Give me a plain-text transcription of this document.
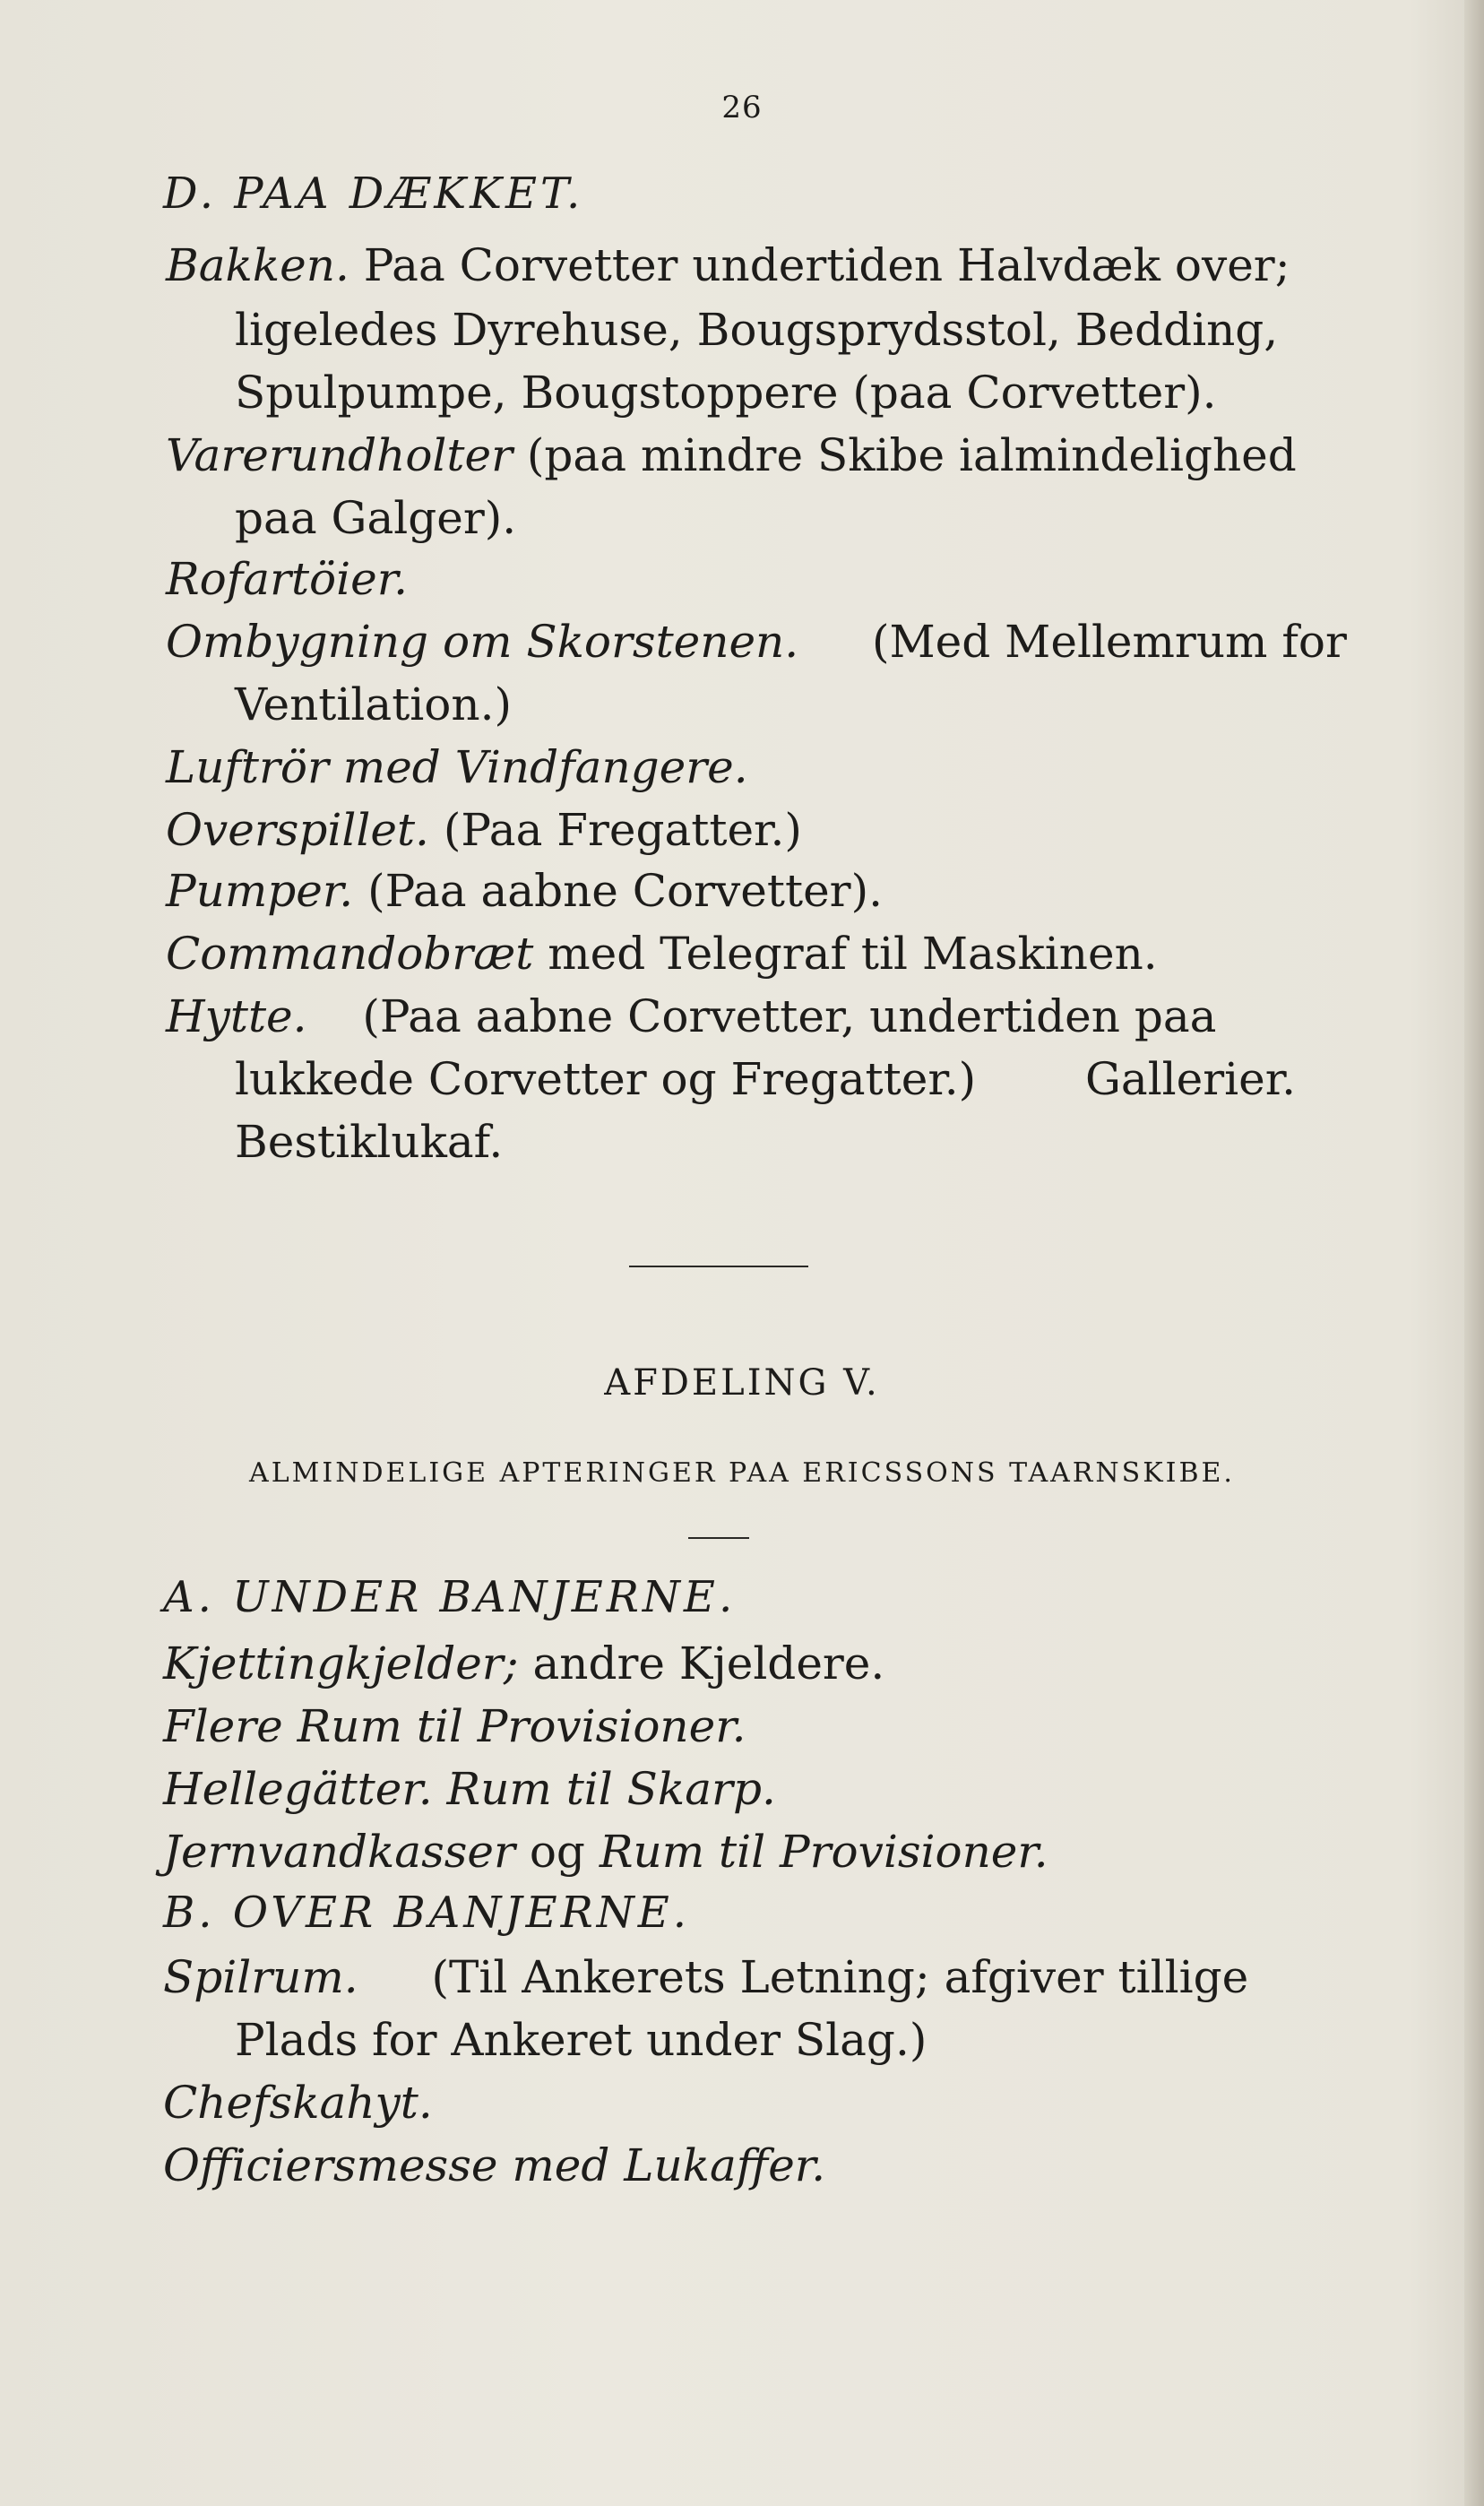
26
D. PAA DÆKKET.
Bakken. Paa Corvetter undertiden Halvdæk over;
ligeledes Dyrehuse, Bougsprydsstol, Bedding,
Spulpumpe, Bougstoppere (paa Corvetter).
Varerundholter (paa mindre Skibe ialmindelighed
paa Galger).
Rofartöier.
Ombygning om Skorstenen. (Med Mellemrum for
Ventilation.)
Luftrör med Vindfangere.
Overspillet. (Paa Fregatter.)
Pumper. (Paa aabne Corvetter).
Commandobræt med Telegraf til Maskinen.
Hytte. (Paa aabne Corvetter, undertiden paa
lukkede Corvetter og Fregatter.) Gallerier.
Bestiklukaf.
AFDELING V.
ALMINDELIGE APTERINGER PAA ERICSSONS TAARNSKIBE.
A. UNDER BANJERNE.
Kjettingkjelder; andre Kjeldere.
Flere Rum til Provisioner.
Hellegätter. Rum til Skarp.
Jernvandkasser og Rum til Provisioner.
B. OVER BANJERNE.
Spilrum. (Til Ankerets Letning; afgiver tillige
Plads for Ankeret under Slag.)
Chefskahyt.
Officiersmesse med Lukaffer.
